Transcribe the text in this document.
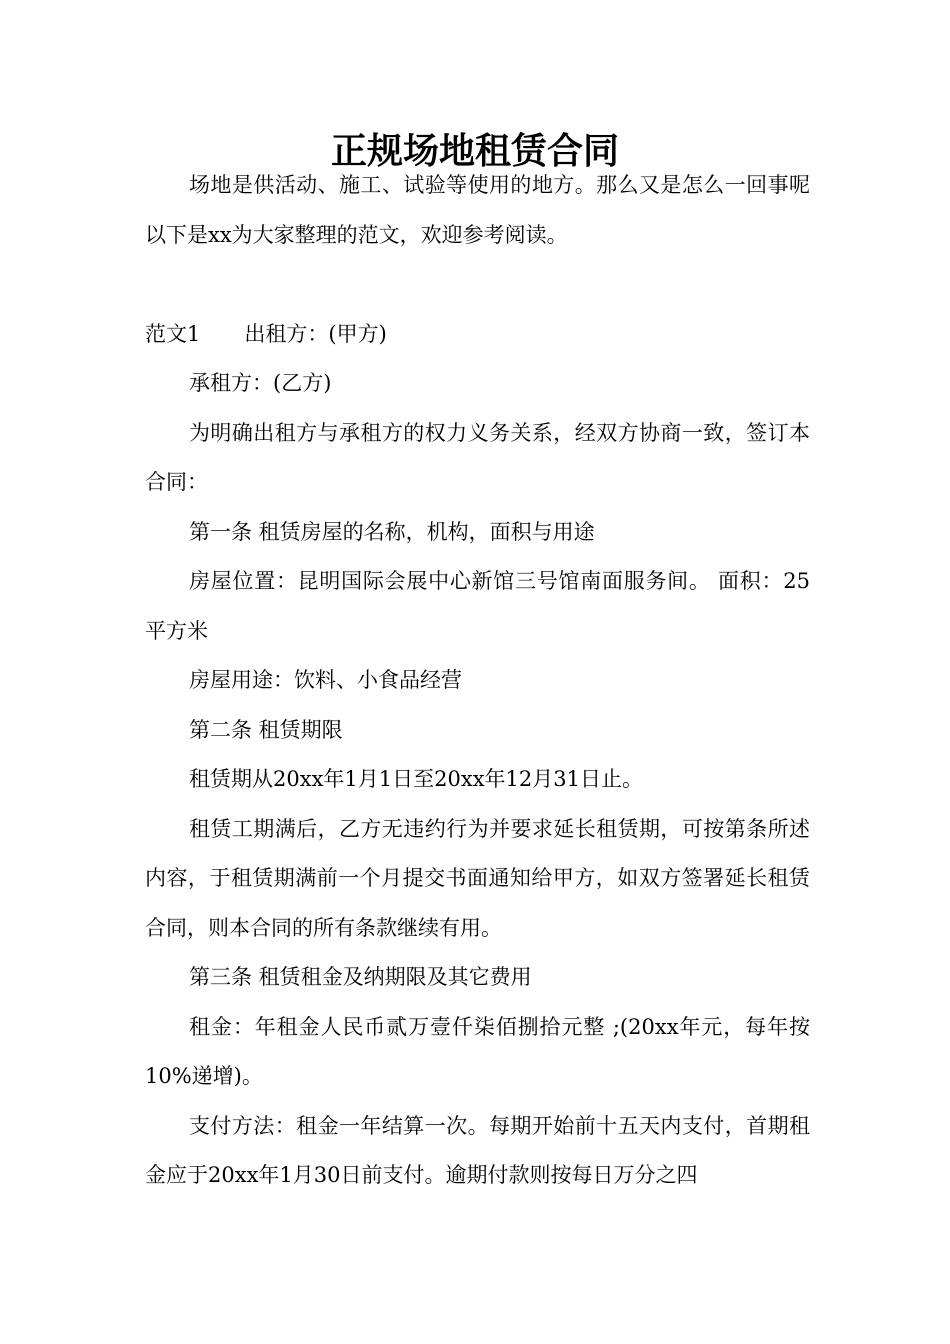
正规场地租赁合同

场地是供活动、施工、试验等使用的地方。那么又是怎么一回事呢以下是xx为大家整理的范文，欢迎参考阅读。

范文1 出租方：(甲方)

承租方：(乙方)

为明确出租方与承租方的权力义务关系，经双方协商一致，签订本合同：

第一条 租赁房屋的名称，机构，面积与用途

房屋位置：昆明国际会展中心新馆三号馆南面服务间。 面积：25平方米

房屋用途：饮料、小食品经营

第二条 租赁期限

租赁期从20xx年1月1日至20xx年12月31日止。

租赁工期满后，乙方无违约行为并要求延长租赁期，可按第条所述内容，于租赁期满前一个月提交书面通知给甲方，如双方签署延长租赁合同，则本合同的所有条款继续有用。

第三条 租赁租金及纳期限及其它费用

租金：年租金人民币贰万壹仟柒佰捌拾元整 ;(20xx年元，每年按10%递增)。

支付方法：租金一年结算一次。每期开始前十五天内支付，首期租金应于20xx年1月30日前支付。逾期付款则按每日万分之四
